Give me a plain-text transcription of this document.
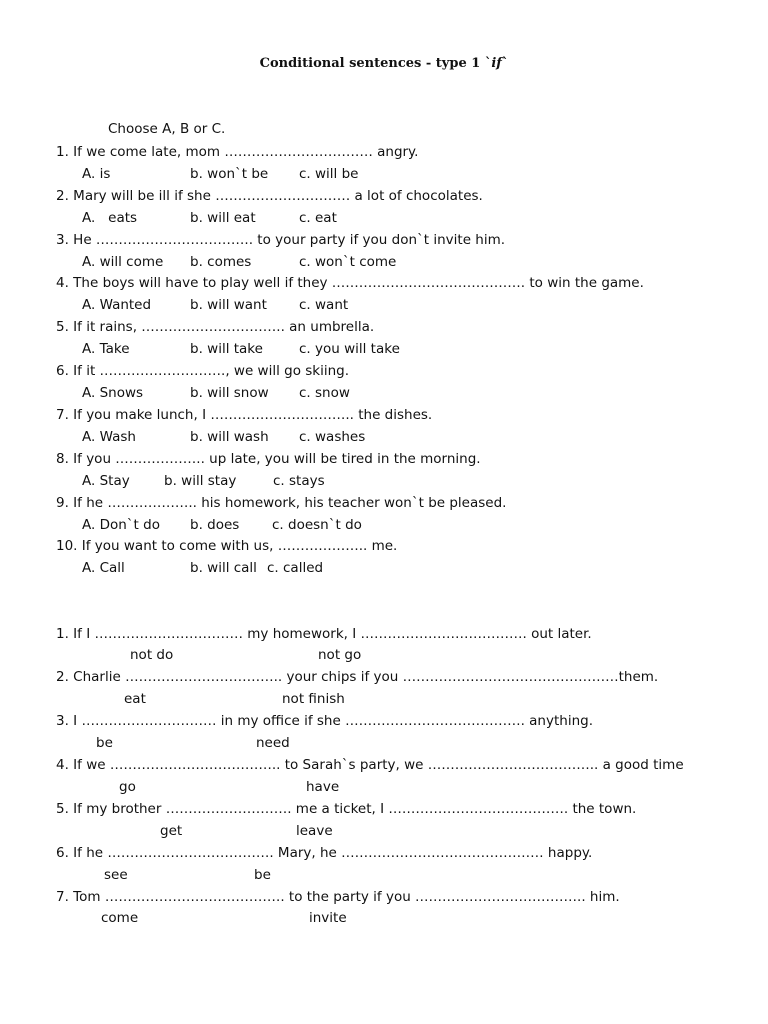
Conditional sentences - type 1 `if`
Choose A, B or C.
1. If we come late, mom …………………………… angry.
A. is	b. won`t be c. will be
2. Mary will be ill if she ………………………… a lot of chocolates.
A.   eats	b. will eat	c. eat
3. He …………………………….. to your party if you don`t invite him.
A. will come b. comes	c. won`t come
4. The boys will have to play well if they ……………………………………. to win the game.
A. Wanted	b. will want c. want
5. If it rains, ………………………….. an umbrella.
A. Take	b. will take	c. you will take
6. If it ………………………., we will go skiing.
A. Snows	b. will snow c. snow
7. If you make lunch, I ………………………….. the dishes.
A. Wash	b. will wash c. washes
8. If you ……………….. up late, you will be tired in the morning.
A. Stay	b. will stay	c. stays
9. If he ……………….. his homework, his teacher won`t be pleased.
A. Don`t do b. does c. doesn`t do
10. If you want to come with us, ……………….. me.
A. Call	b. will call c. called
1. If I …………………………… my homework, I ………………………………. out later.
not do	not go
2. Charlie …………………………….. your chips if you …………………………………………them.
eat	not finish
3. I ………………………… in my office if she …………………………………. anything.
be	need
4. If we ……………………………….. to Sarah`s party, we ……………………………….. a good time
go	have
5. If my brother ………………………. me a ticket, I …………………………………. the town.
get	leave
6. If he ………………………………. Mary, he ……………………………………… happy.
see	be
7. Tom …………………………………. to the party if you ……………………………….. him.
come	invite
